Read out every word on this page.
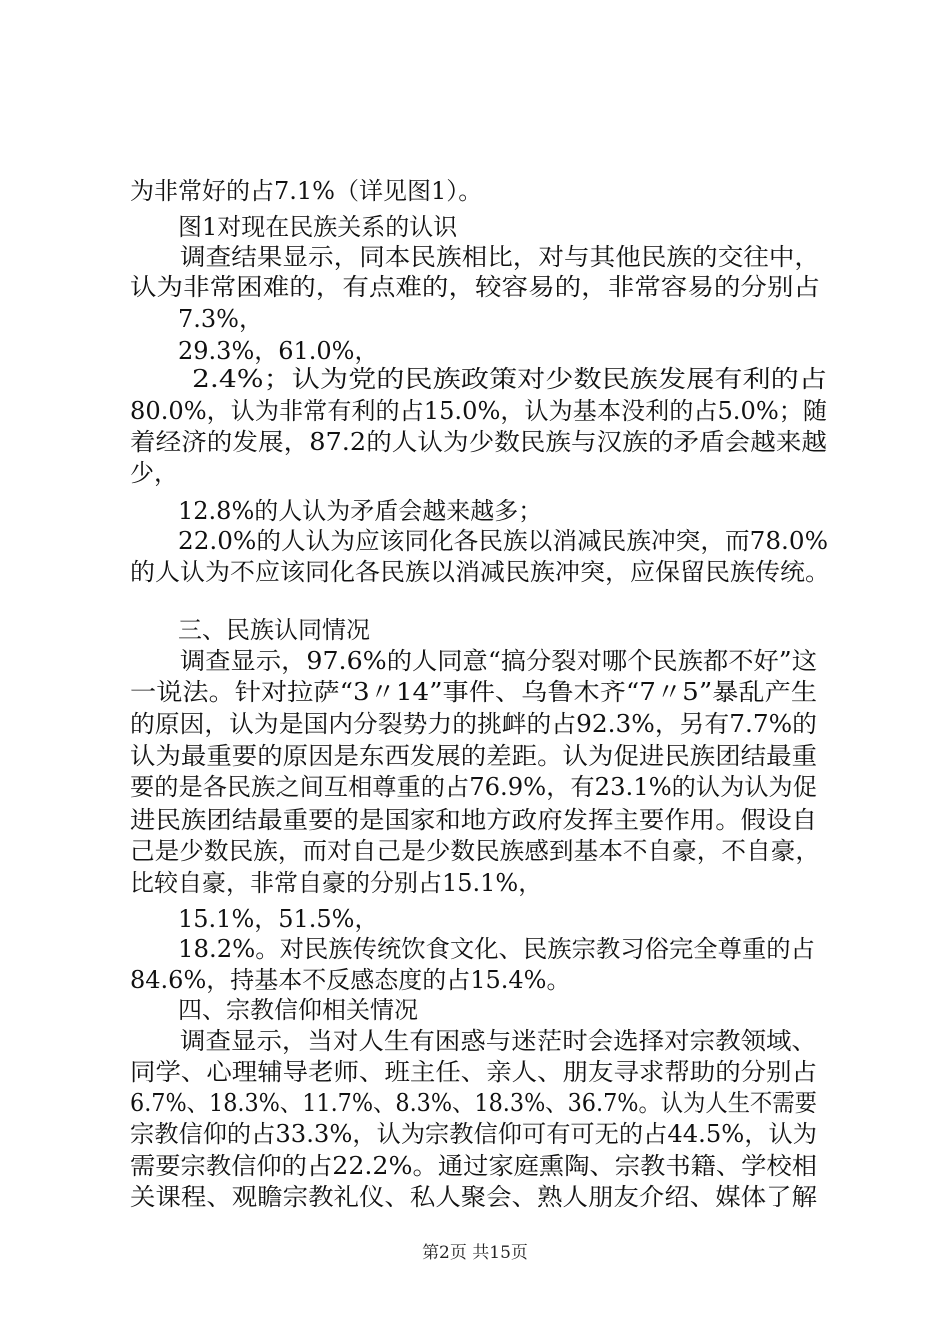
为非常好的占7.1%（详见图1）。
图1对现在民族关系的认识
调查结果显示，同本民族相比，对与其他民族的交往中，
认为非常困难的，有点难的，较容易的，非常容易的分别占
7.3%，
29.3%，61.0%，
2.4%；认为党的民族政策对少数民族发展有利的占
80.0%，认为非常有利的占15.0%，认为基本没利的占5.0%；随
着经济的发展，87.2的人认为少数民族与汉族的矛盾会越来越
少，
12.8%的人认为矛盾会越来越多；
22.0%的人认为应该同化各民族以消减民族冲突，而78.0%
的人认为不应该同化各民族以消减民族冲突，应保留民族传统。
三、民族认同情况
调查显示，97.6%的人同意“搞分裂对哪个民族都不好”这
一说法。针对拉萨“3〃14”事件、乌鲁木齐“7〃5”暴乱产生
的原因，认为是国内分裂势力的挑衅的占92.3%，另有7.7%的
认为最重要的原因是东西发展的差距。认为促进民族团结最重
要的是各民族之间互相尊重的占76.9%，有23.1%的认为认为促
进民族团结最重要的是国家和地方政府发挥主要作用。假设自
己是少数民族，而对自己是少数民族感到基本不自豪，不自豪，
比较自豪，非常自豪的分别占15.1%，
15.1%，51.5%，
18.2%。对民族传统饮食文化、民族宗教习俗完全尊重的占
84.6%，持基本不反感态度的占15.4%。
四、宗教信仰相关情况
调查显示，当对人生有困惑与迷茫时会选择对宗教领域、
同学、心理辅导老师、班主任、亲人、朋友寻求帮助的分别占
6.7%、18.3%、11.7%、8.3%、18.3%、36.7%。认为人生不需要
宗教信仰的占33.3%，认为宗教信仰可有可无的占44.5%，认为
需要宗教信仰的占22.2%。通过家庭熏陶、宗教书籍、学校相
关课程、观瞻宗教礼仪、私人聚会、熟人朋友介绍、媒体了解
第2页 共15页
